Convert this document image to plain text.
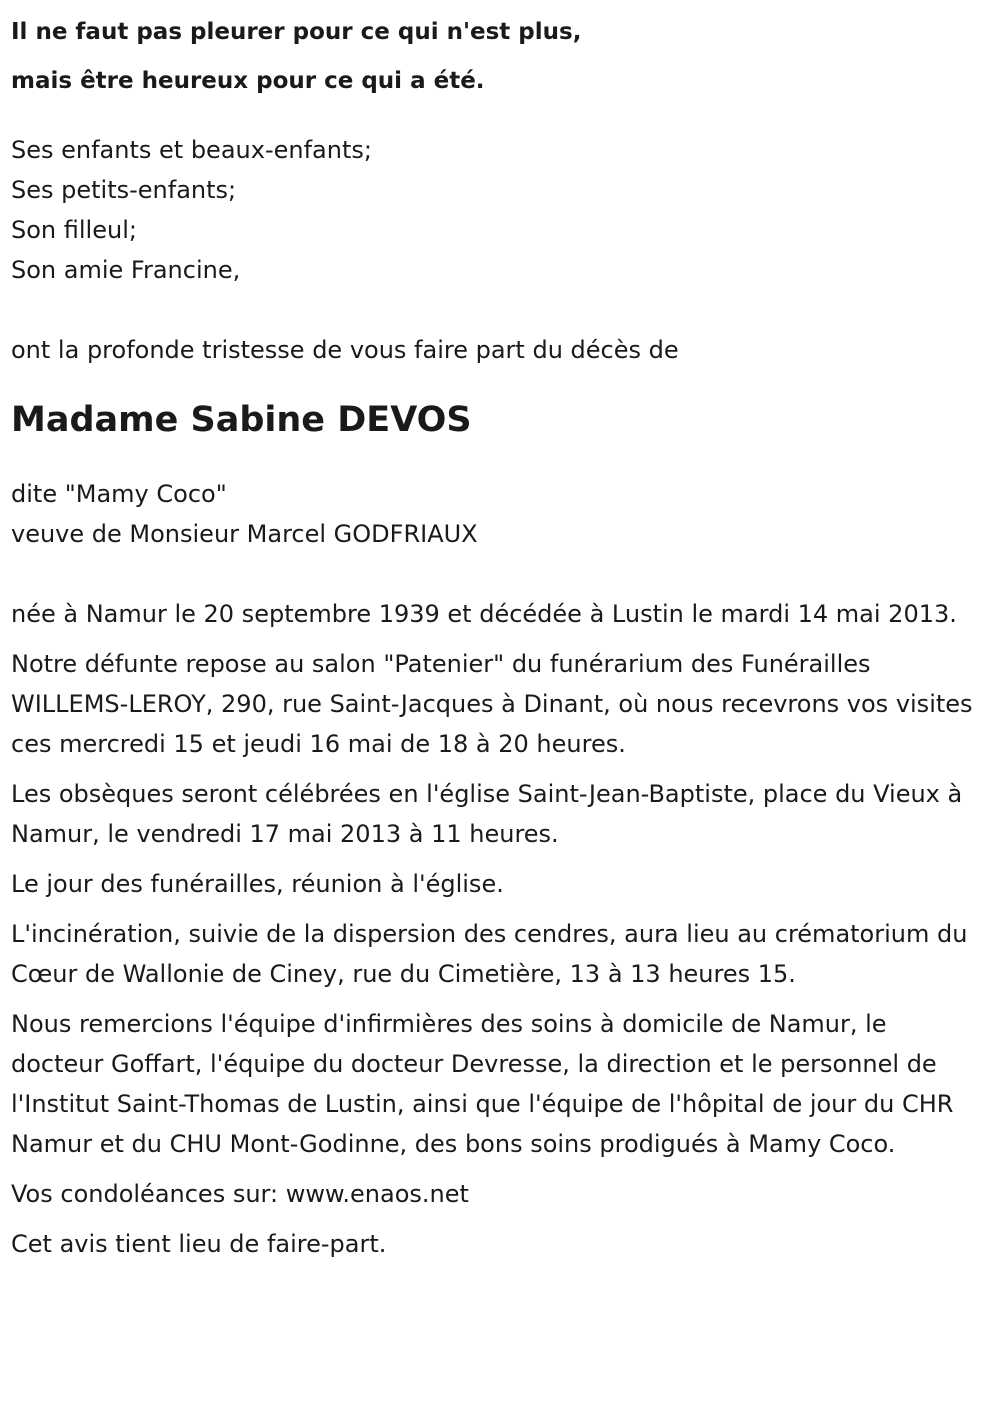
Il ne faut pas pleurer pour ce qui n'est plus,
mais être heureux pour ce qui a été.

Ses enfants et beaux-enfants;
Ses petits-enfants;
Son filleul;
Son amie Francine,

ont la profonde tristesse de vous faire part du décès de

Madame Sabine DEVOS

dite "Mamy Coco"
veuve de Monsieur Marcel GODFRIAUX

née à Namur le 20 septembre 1939 et décédée à Lustin le mardi 14 mai 2013.

Notre défunte repose au salon "Patenier" du funérarium des Funérailles WILLEMS-LEROY, 290, rue Saint-Jacques à Dinant, où nous recevrons vos visites ces mercredi 15 et jeudi 16 mai de 18 à 20 heures.

Les obsèques seront célébrées en l'église Saint-Jean-Baptiste, place du Vieux à Namur, le vendredi 17 mai 2013 à 11 heures.

Le jour des funérailles, réunion à l'église.

L'incinération, suivie de la dispersion des cendres, aura lieu au crématorium du Cœur de Wallonie de Ciney, rue du Cimetière, 13 à 13 heures 15.

Nous remercions l'équipe d'infirmières des soins à domicile de Namur, le docteur Goffart, l'équipe du docteur Devresse, la direction et le personnel de l'Institut Saint-Thomas de Lustin, ainsi que l'équipe de l'hôpital de jour du CHR Namur et du CHU Mont-Godinne, des bons soins prodigués à Mamy Coco.

Vos condoléances sur: www.enaos.net

Cet avis tient lieu de faire-part.
